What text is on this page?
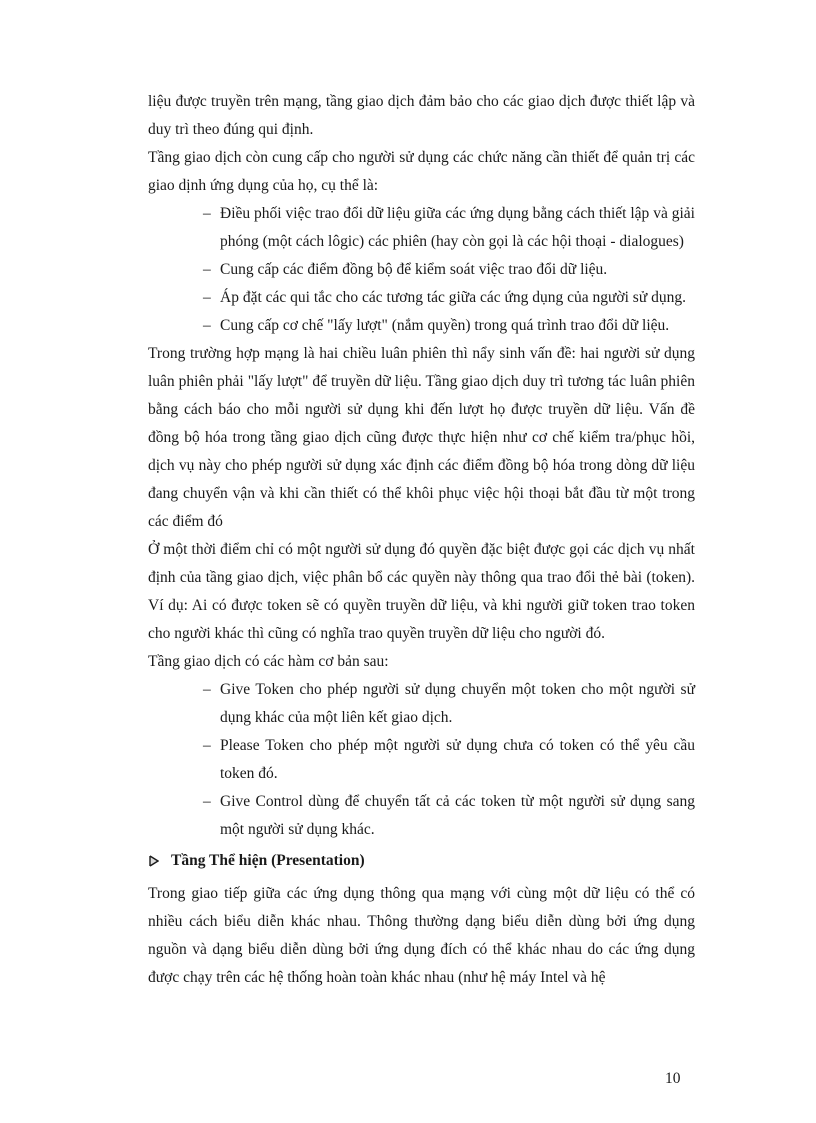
liệu được truyền trên mạng, tầng giao dịch đảm bảo cho các giao dịch được thiết lập và duy trì theo đúng qui định.

Tầng giao dịch còn cung cấp cho người sử dụng các chức năng cần thiết để quản trị các giao dịnh ứng dụng của họ, cụ thể là:

– Điều phối việc trao đổi dữ liệu giữa các ứng dụng bằng cách thiết lập và giải phóng (một cách lôgic) các phiên (hay còn gọi là các hội thoại - dialogues)
– Cung cấp các điểm đồng bộ để kiểm soát việc trao đổi dữ liệu.
– Áp đặt các qui tắc cho các tương tác giữa các ứng dụng của người sử dụng.
– Cung cấp cơ chế "lấy lượt" (nắm quyền) trong quá trình trao đổi dữ liệu.

Trong trường hợp mạng là hai chiều luân phiên thì nẩy sinh vấn đề: hai người sử dụng luân phiên phải "lấy lượt" để truyền dữ liệu. Tầng giao dịch duy trì tương tác luân phiên bằng cách báo cho mỗi người sử dụng khi đến lượt họ được truyền dữ liệu. Vấn đề đồng bộ hóa trong tầng giao dịch cũng được thực hiện như cơ chế kiểm tra/phục hồi, dịch vụ này cho phép người sử dụng xác định các điểm đồng bộ hóa trong dòng dữ liệu đang chuyển vận và khi cần thiết có thể khôi phục việc hội thoại bắt đầu từ một trong các điểm đó

Ở một thời điểm chỉ có một người sử dụng đó quyền đặc biệt được gọi các dịch vụ nhất định của tầng giao dịch, việc phân bổ các quyền này thông qua trao đổi thẻ bài (token). Ví dụ: Ai có được token sẽ có quyền truyền dữ liệu, và khi người giữ token trao token cho người khác thì cũng có nghĩa trao quyền truyền dữ liệu cho người đó.

Tầng giao dịch có các hàm cơ bản sau:

– Give Token cho phép người sử dụng chuyển một token cho một người sử dụng khác của một liên kết giao dịch.
– Please Token cho phép một người sử dụng chưa có token có thể yêu cầu token đó.
– Give Control dùng để chuyển tất cả các token từ một người sử dụng sang một người sử dụng khác.
Tầng Thể hiện (Presentation)

Trong giao tiếp giữa các ứng dụng thông qua mạng với cùng một dữ liệu có thể có nhiều cách biểu diễn khác nhau. Thông thường dạng biểu diễn dùng bởi ứng dụng nguồn và dạng biểu diễn dùng bởi ứng dụng đích có thể khác nhau do các ứng dụng được chạy trên các hệ thống hoàn toàn khác nhau (như hệ máy Intel và hệ

10
